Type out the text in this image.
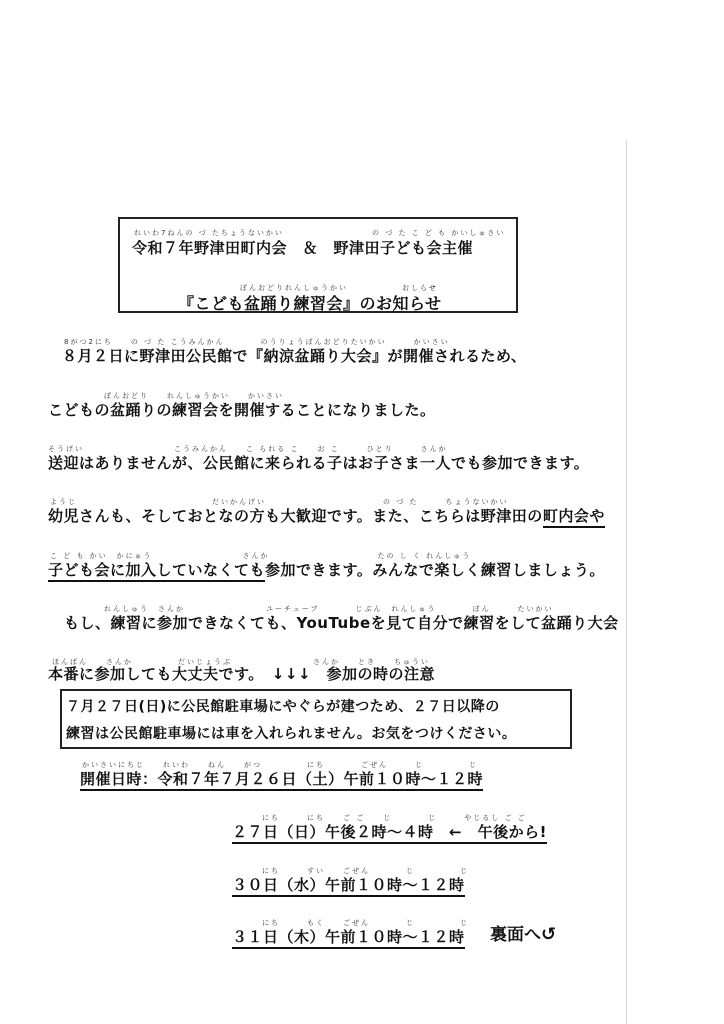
れいわ7ねんの づ たちょうないかい	の づ た こ ど も かいしゅさい
令和７年野津田町内会　＆　野津田子ども会主催
ぼんおどりれんしゅうかい　　　　　　おしらせ
『こども盆踊り練習会』のお知らせ
8がつ2にち　　の づ た こうみんかん　　　　のうりょうぼんおどりたいかい　　　かいさい
８月２日に野津田公民館で『納涼盆踊り大会』が開催されるため、
ぼんおどり　　れんしゅうかい　　かいさい
こどもの盆踊りの練習会を開催することになりました。
そうげい　　　　　　　　　　こうみんかん　　こ られる こ　　お こ　　　ひとり　　　さんか
送迎はありませんが、公民館に来られる子はお子さま一人でも参加できます。
ようじ　　　　　　　　　　　　　　　だいかんげい　　　　　　　　　　　　　の づ た　　　ちょうないかい
幼児さんも、そしておとなの方も大歓迎です。また、こちらは野津田の町内会や
こ ど も かい　かにゅう　　　　　　　　　　さんか　　　　　　　　　　　　たの し く れんしゅう
子ども会に加入していなくても参加できます。みんなで楽しく練習しましょう。
れんしゅう　さんか　　　　　　　　　ユーチューブ　　　　じぶん　れんしゅう　　　　ぼん　　　たいかい
もし、練習に参加できなくても、YouTubeを見て自分で練習をして盆踊り大会
ほんばん　　さんか　　　　　だいじょうぶ　　　　　　　　　さんか　　とき　　ちゅうい
本番に参加しても大丈夫です。　↓↓↓　参加の時の注意
７月２７日(日)に公民館駐車場にやぐらが建つため、２７日以降の
練習は公民館駐車場には車を入れられません。お気をつけください。
かいさいにちじ　　れいわ　　ねん　　がつ　　　　　にち　　　　ごぜん　　　じ　　　　　じ
開催日時：令和７年７月２６日（土）午前１０時～１２時
にち　　　にち　　ご ご　　じ　　　　じ　　　やじるし ご ご
２７日（日）午後２時～４時　←　午後から!
にち　　　すい　　ごぜん　　　　じ　　　　　じ
３０日（水）午前１０時～１２時
にち　　　もく　　ごぜん　　　　じ　　　　　じ
３１日（木）午前１０時～１２時 裏面へ↺
